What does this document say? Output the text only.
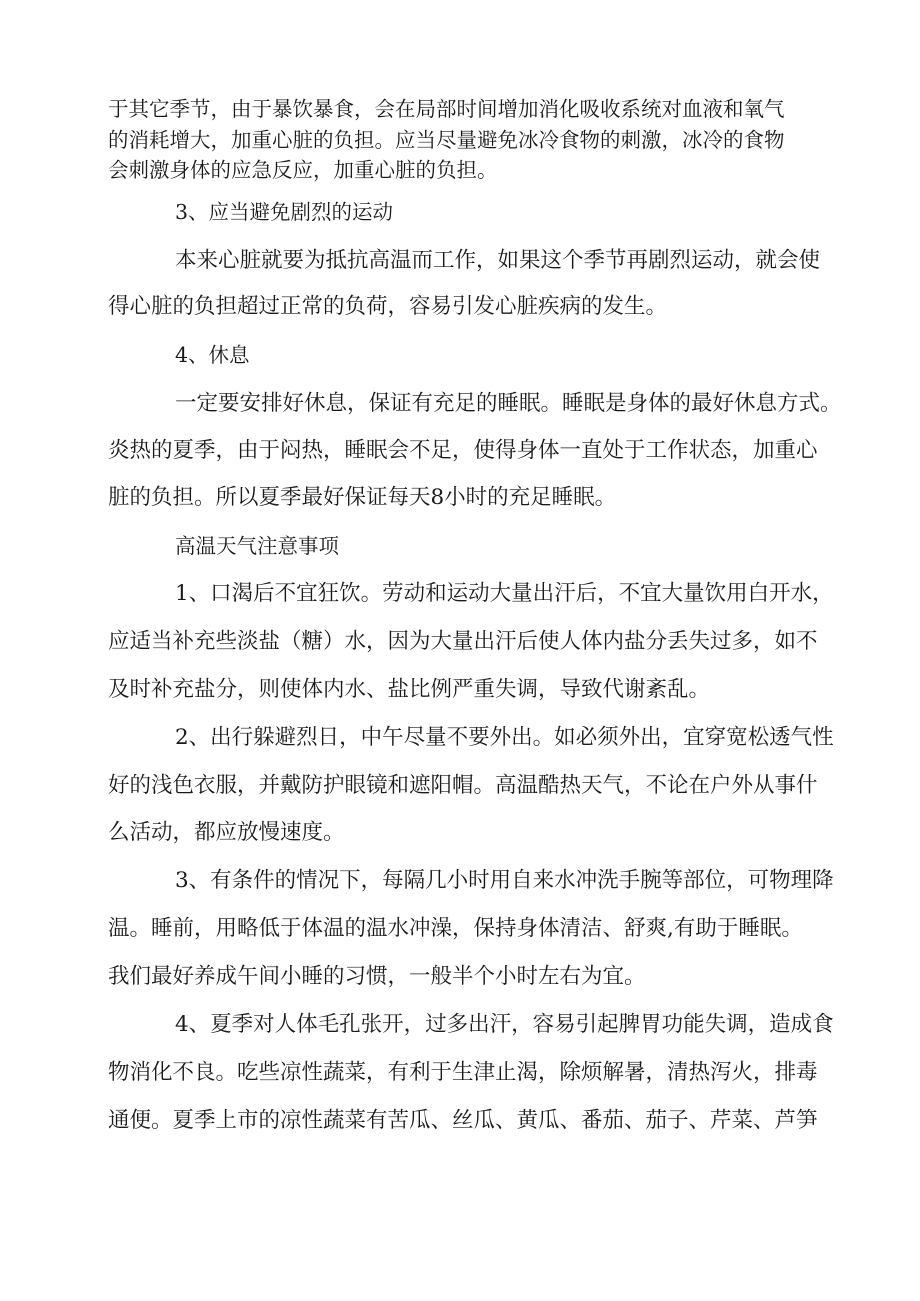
于其它季节，由于暴饮暴食，会在局部时间增加消化吸收系统对血液和氧气

的消耗增大，加重心脏的负担。应当尽量避免冰冷食物的刺激，冰冷的食物

会刺激身体的应急反应，加重心脏的负担。

3、应当避免剧烈的运动

本来心脏就要为抵抗高温而工作，如果这个季节再剧烈运动，就会使

得心脏的负担超过正常的负荷，容易引发心脏疾病的发生。

4、休息

一定要安排好休息，保证有充足的睡眠。睡眠是身体的最好休息方式。

炎热的夏季，由于闷热，睡眠会不足，使得身体一直处于工作状态，加重心

脏的负担。所以夏季最好保证每天8小时的充足睡眠。

高温天气注意事项

1、口渴后不宜狂饮。劳动和运动大量出汗后，不宜大量饮用白开水，

应适当补充些淡盐（糖）水，因为大量出汗后使人体内盐分丢失过多，如不

及时补充盐分，则使体内水、盐比例严重失调，导致代谢紊乱。

2、出行躲避烈日，中午尽量不要外出。如必须外出，宜穿宽松透气性

好的浅色衣服，并戴防护眼镜和遮阳帽。高温酷热天气，不论在户外从事什

么活动，都应放慢速度。

3、有条件的情况下，每隔几小时用自来水冲洗手腕等部位，可物理降

温。睡前，用略低于体温的温水冲澡，保持身体清洁、舒爽,有助于睡眠。

我们最好养成午间小睡的习惯，一般半个小时左右为宜。

4、夏季对人体毛孔张开，过多出汗，容易引起脾胃功能失调，造成食

物消化不良。吃些凉性蔬菜，有利于生津止渴，除烦解暑，清热泻火，排毒

通便。夏季上市的凉性蔬菜有苦瓜、丝瓜、黄瓜、番茄、茄子、芹菜、芦笋
